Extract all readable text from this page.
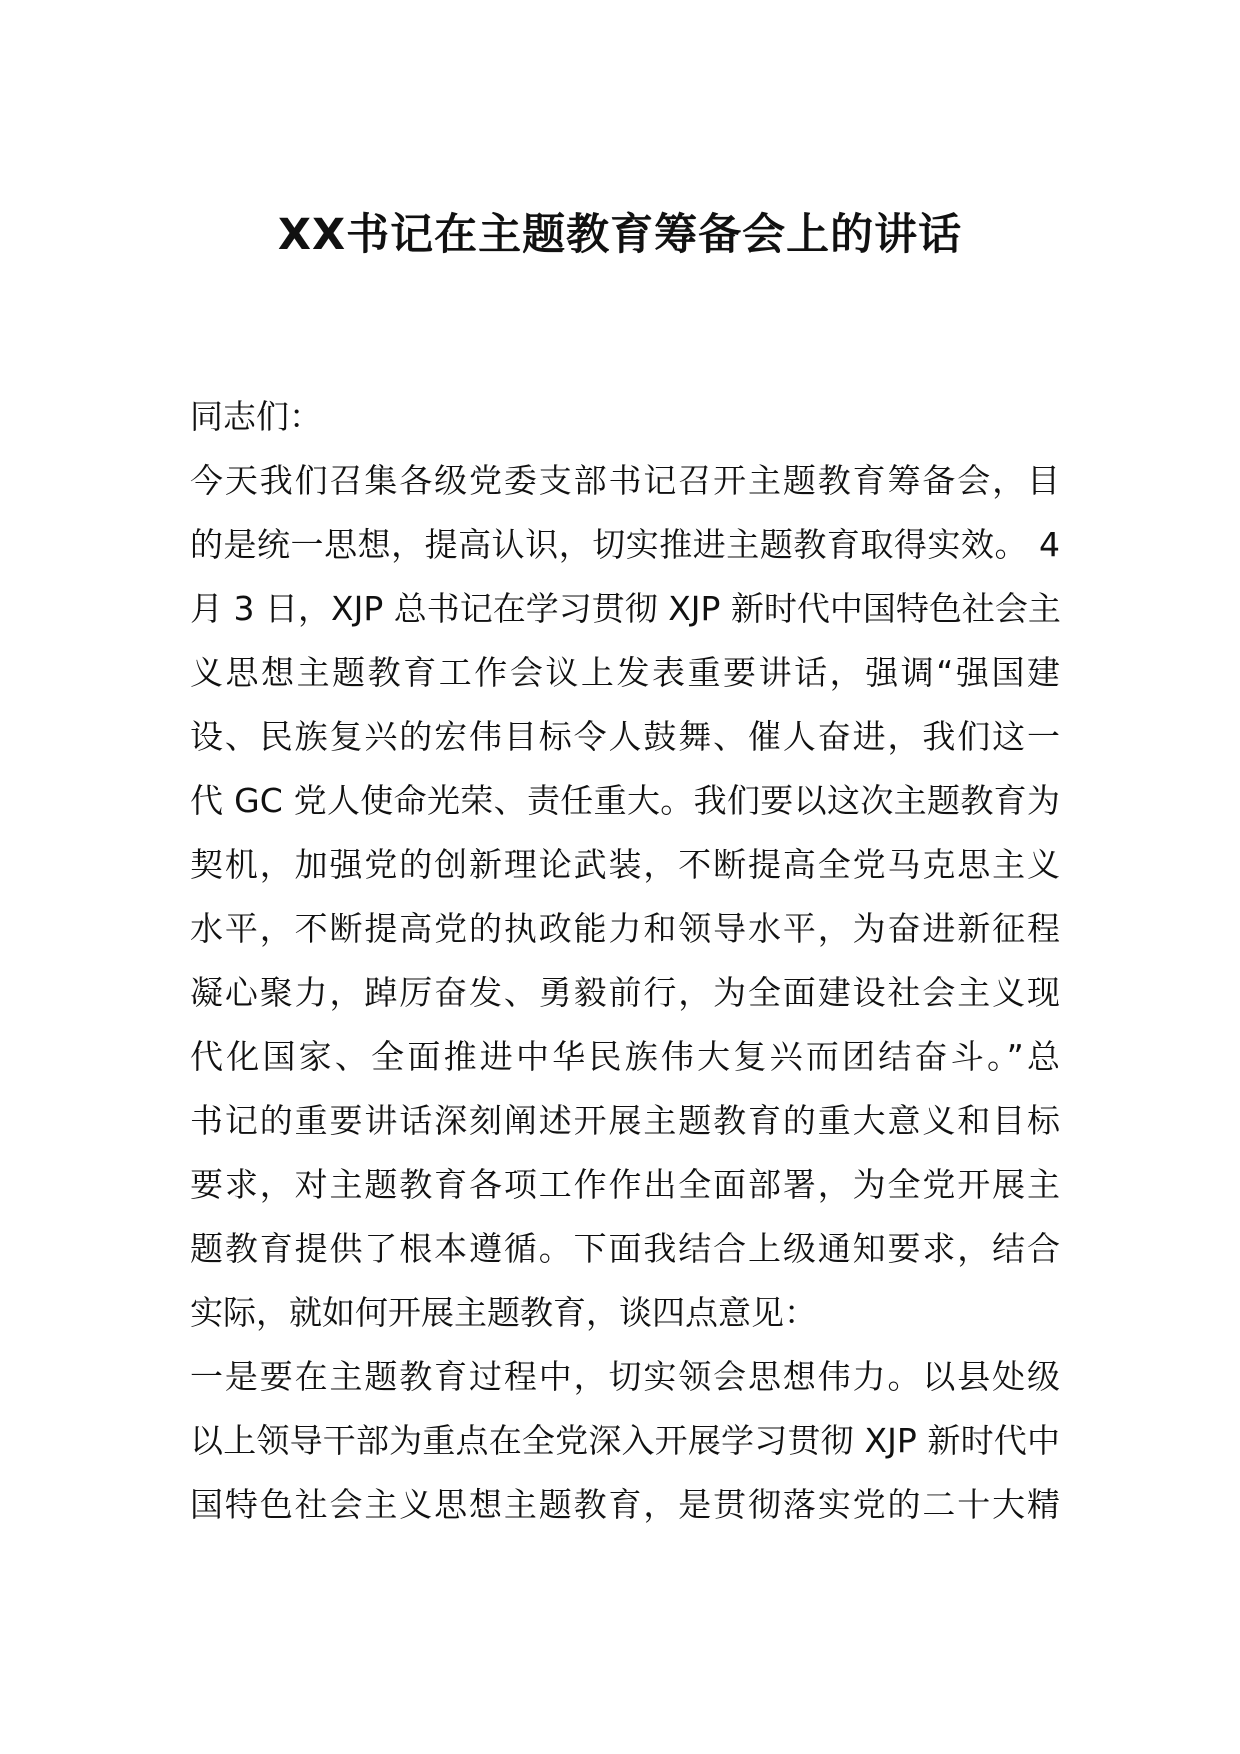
XX书记在主题教育筹备会上的讲话
同志们：
今天我们召集各级党委支部书记召开主题教育筹备会，目
的是统一思想，提高认识，切实推进主题教育取得实效。 4
月 3 日，XJP 总书记在学习贯彻 XJP 新时代中国特色社会主
义思想主题教育工作会议上发表重要讲话，强调“强国建
设、民族复兴的宏伟目标令人鼓舞、催人奋进，我们这一
代 GC 党人使命光荣、责任重大。我们要以这次主题教育为
契机，加强党的创新理论武装，不断提高全党马克思主义
水平，不断提高党的执政能力和领导水平，为奋进新征程
凝心聚力，踔厉奋发、勇毅前行，为全面建设社会主义现
代化国家、全面推进中华民族伟大复兴而团结奋斗。”总
书记的重要讲话深刻阐述开展主题教育的重大意义和目标
要求，对主题教育各项工作作出全面部署，为全党开展主
题教育提供了根本遵循。下面我结合上级通知要求，结合
实际，就如何开展主题教育，谈四点意见：
一是要在主题教育过程中，切实领会思想伟力。以县处级
以上领导干部为重点在全党深入开展学习贯彻 XJP 新时代中
国特色社会主义思想主题教育，是贯彻落实党的二十大精
